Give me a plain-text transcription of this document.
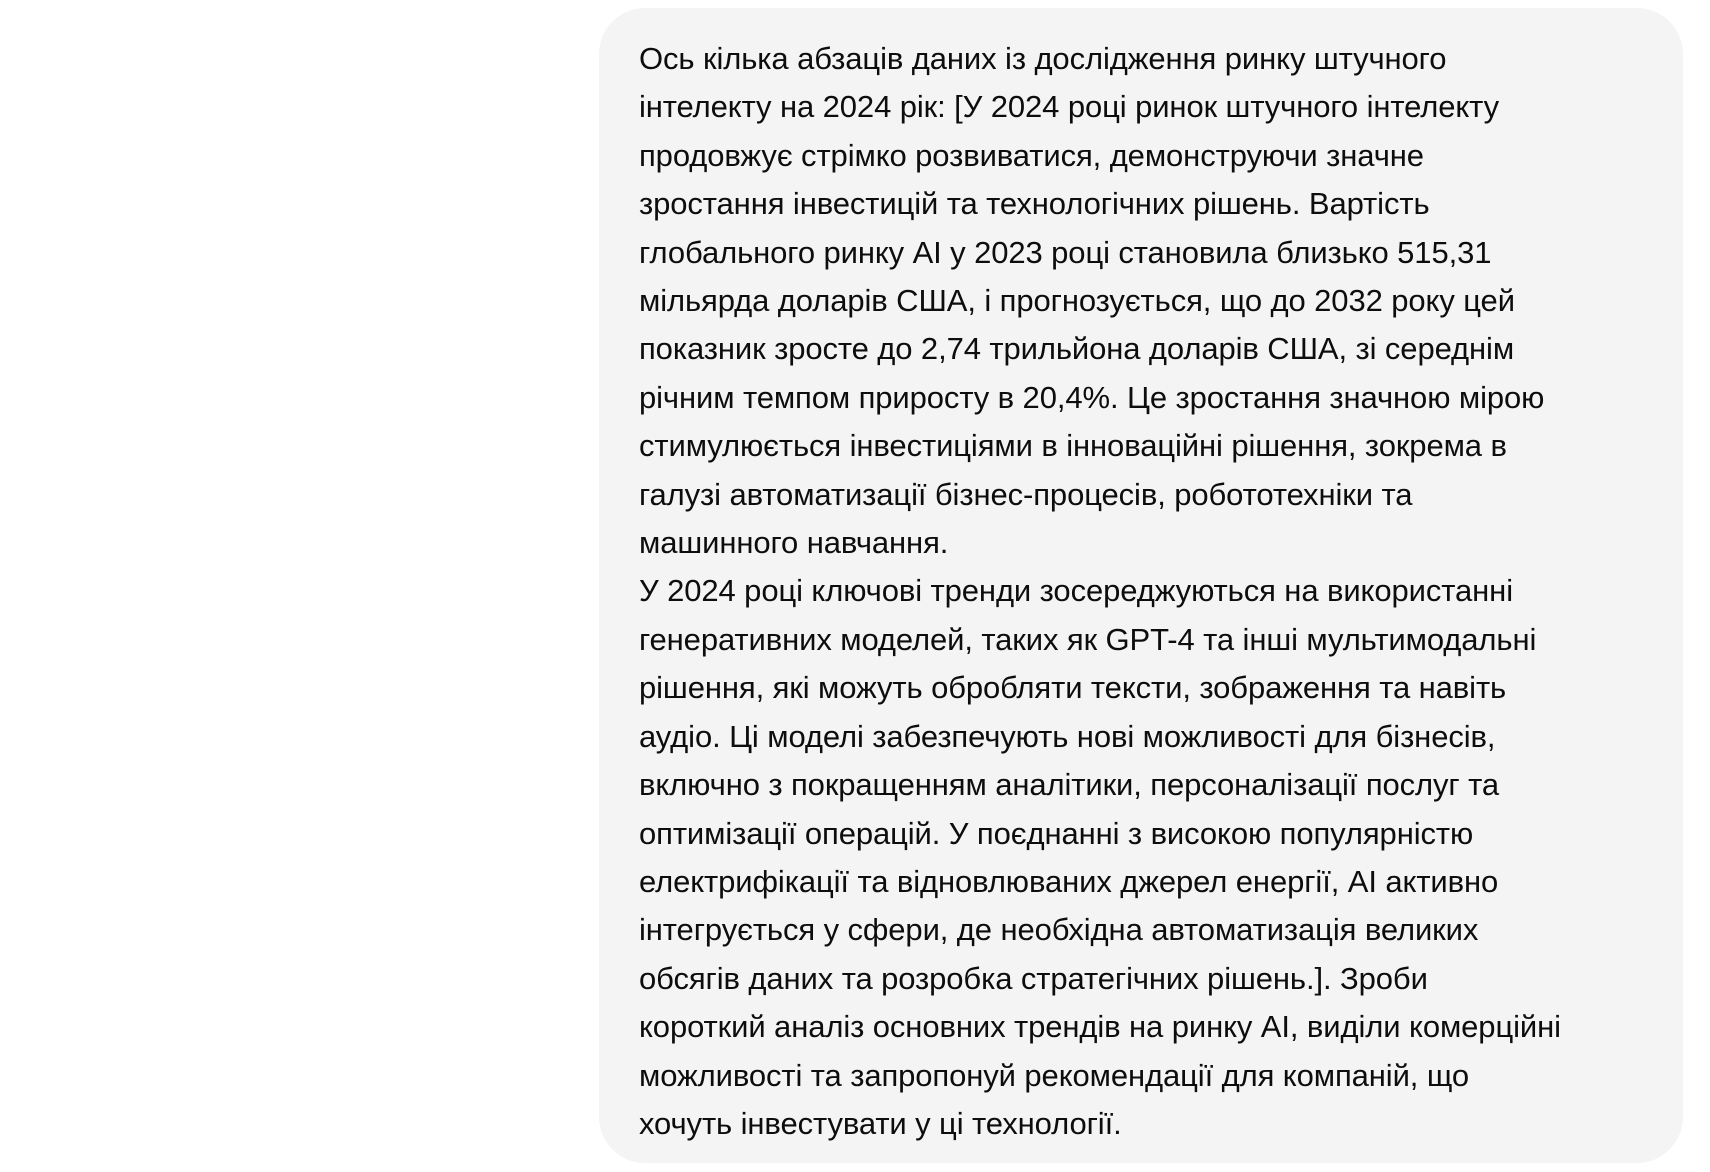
Ось кілька абзаців даних із дослідження ринку штучного
інтелекту на 2024 рік: [У 2024 році ринок штучного інтелекту
продовжує стрімко розвиватися, демонструючи значне
зростання інвестицій та технологічних рішень. Вартість
глобального ринку AI у 2023 році становила близько 515,31
мільярда доларів США, і прогнозується, що до 2032 року цей
показник зросте до 2,74 трильйона доларів США, зі середнім
річним темпом приросту в 20,4%. Це зростання значною мірою
стимулюється інвестиціями в інноваційні рішення, зокрема в
галузі автоматизації бізнес-процесів, робототехніки та
машинного навчання.
У 2024 році ключові тренди зосереджуються на використанні
генеративних моделей, таких як GPT-4 та інші мультимодальні
рішення, які можуть обробляти тексти, зображення та навіть
аудіо. Ці моделі забезпечують нові можливості для бізнесів,
включно з покращенням аналітики, персоналізації послуг та
оптимізації операцій. У поєднанні з високою популярністю
електрифікації та відновлюваних джерел енергії, AI активно
інтегрується у сфери, де необхідна автоматизація великих
обсягів даних та розробка стратегічних рішень.]. Зроби
короткий аналіз основних трендів на ринку AI, виділи комерційні
можливості та запропонуй рекомендації для компаній, що
хочуть інвестувати у ці технології.
